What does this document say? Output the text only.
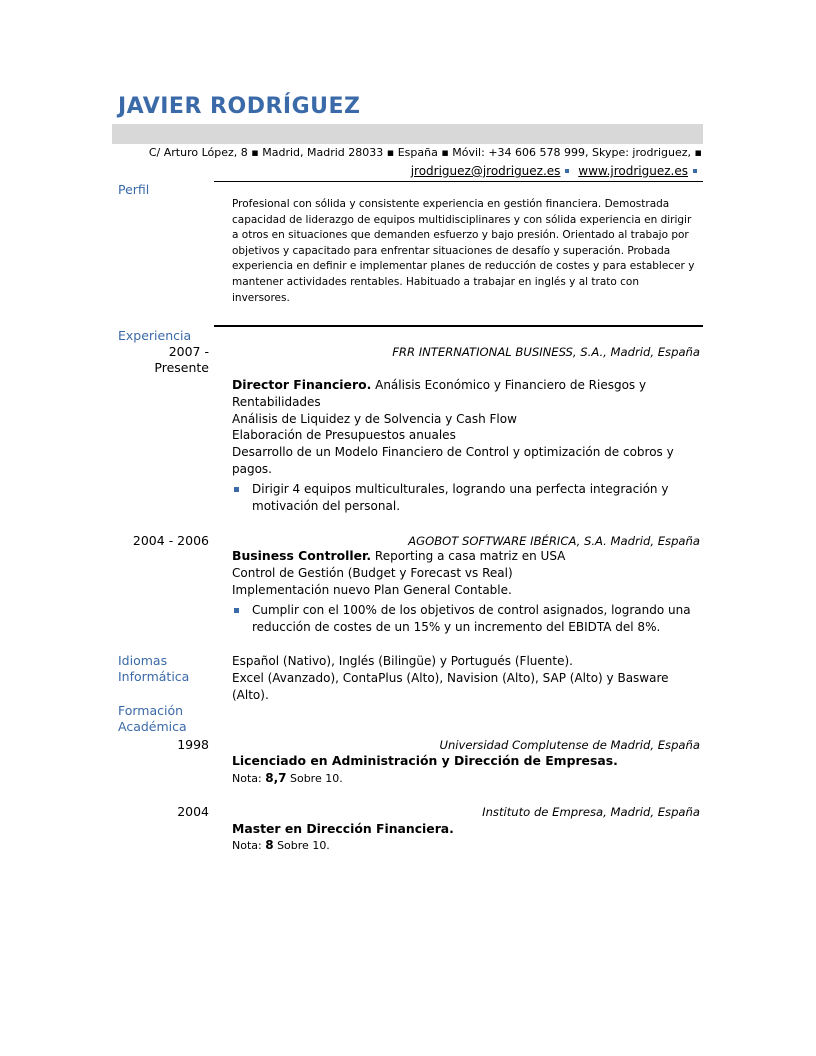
JAVIER RODRÍGUEZ
C/ Arturo López, 8 ▪ Madrid, Madrid 28033 ▪ España ▪ Móvil: +34 606 578 999, Skype: jrodriguez, ▪
jrodriguez@jrodriguez.es www.jrodriguez.es
Perfil
Profesional con sólida y consistente experiencia en gestión financiera. Demostrada capacidad de liderazgo de equipos multidisciplinares y con sólida experiencia en dirigir a otros en situaciones que demanden esfuerzo y bajo presión. Orientado al trabajo por objetivos y capacitado para enfrentar situaciones de desafío y superación. Probada experiencia en definir e implementar planes de reducción de costes y para establecer y mantener actividades rentables. Habituado a trabajar en inglés y al trato con inversores.
Experiencia
2007 -
Presente
FRR INTERNATIONAL BUSINESS, S.A., Madrid, España
Director Financiero. Análisis Económico y Financiero de Riesgos y Rentabilidades
Análisis de Liquidez y de Solvencia y Cash Flow
Elaboración de Presupuestos anuales
Desarrollo de un Modelo Financiero de Control y optimización de cobros y pagos.
Dirigir 4 equipos multiculturales, logrando una perfecta integración y motivación del personal.
2004 - 2006	AGOBOT SOFTWARE IBÉRICA, S.A. Madrid, España
Business Controller. Reporting a casa matriz en USA
Control de Gestión (Budget y Forecast vs Real)
Implementación nuevo Plan General Contable.
Cumplir con el 100% de los objetivos de control asignados, logrando una reducción de costes de un 15% y un incremento del EBIDTA del 8%.
Idiomas
Informática
Español (Nativo), Inglés (Bilingüe) y Portugués (Fluente).
Excel (Avanzado), ContaPlus (Alto), Navision (Alto), SAP (Alto) y Basware (Alto).
Formación
Académica
1998	Universidad Complutense de Madrid, España
Licenciado en Administración y Dirección de Empresas.
Nota: 8,7 Sobre 10.
2004	Instituto de Empresa, Madrid, España
Master en Dirección Financiera.
Nota: 8 Sobre 10.
